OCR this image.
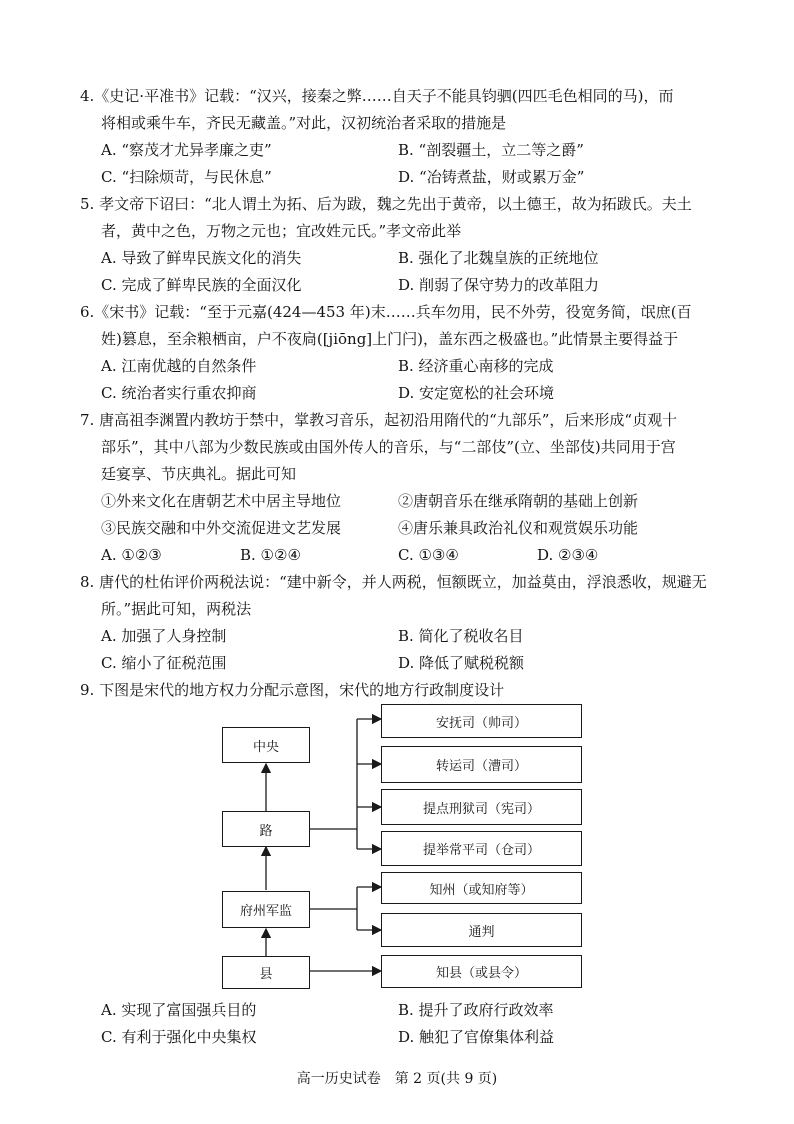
4.《史记·平准书》记载：“汉兴，接秦之弊……自天子不能具钧驷(四匹毛色相同的马)，而
将相或乘牛车，齐民无藏盖。”对此，汉初统治者采取的措施是
A. “察茂才尤异孝廉之吏”	B. “剖裂疆土，立二等之爵”
C. “扫除烦苛，与民休息”	D. “冶铸煮盐，财或累万金”
5. 孝文帝下诏曰：“北人谓土为拓、后为跋，魏之先出于黄帝，以土德王，故为拓跋氏。夫土
者，黄中之色，万物之元也；宜改姓元氏。”孝文帝此举
A. 导致了鲜卑民族文化的消失	B. 强化了北魏皇族的正统地位
C. 完成了鲜卑民族的全面汉化	D. 削弱了保守势力的改革阻力
6.《宋书》记载：“至于元嘉(424—453 年)末……兵车勿用，民不外劳，役宽务简，氓庶(百
姓)篡息，至余粮栖亩，户不夜扃([jiōng]上门闩)，盖东西之极盛也。”此情景主要得益于
A. 江南优越的自然条件	B. 经济重心南移的完成
C. 统治者实行重农抑商	D. 安定宽松的社会环境
7. 唐高祖李渊置内教坊于禁中，掌教习音乐，起初沿用隋代的“九部乐”，后来形成“贞观十
部乐”，其中八部为少数民族或由国外传人的音乐，与“二部伎”(立、坐部伎)共同用于宫
廷宴享、节庆典礼。据此可知
①外来文化在唐朝艺术中居主导地位	②唐朝音乐在继承隋朝的基础上创新
③民族交融和中外交流促进文艺发展	④唐乐兼具政治礼仪和观赏娱乐功能
A. ①②③	B. ①②④	C. ①③④	D. ②③④
8. 唐代的杜佑评价两税法说：“建中新令，并人两税，恒额既立，加益莫由，浮浪悉收，规避无
所。”据此可知，两税法
A. 加强了人身控制	B. 简化了税收名目
C. 缩小了征税范围	D. 降低了赋税税额
9. 下图是宋代的地方权力分配示意图，宋代的地方行政制度设计
中央
路
府州军监
县
安抚司（帅司）
转运司（漕司）
提点刑狱司（宪司）
提举常平司（仓司）
知州（或知府等）
通判
知县（或县令）
A. 实现了富国强兵目的	B. 提升了政府行政效率
C. 有利于强化中央集权	D. 触犯了官僚集体利益
高一历史试卷　第 2 页(共 9 页)
